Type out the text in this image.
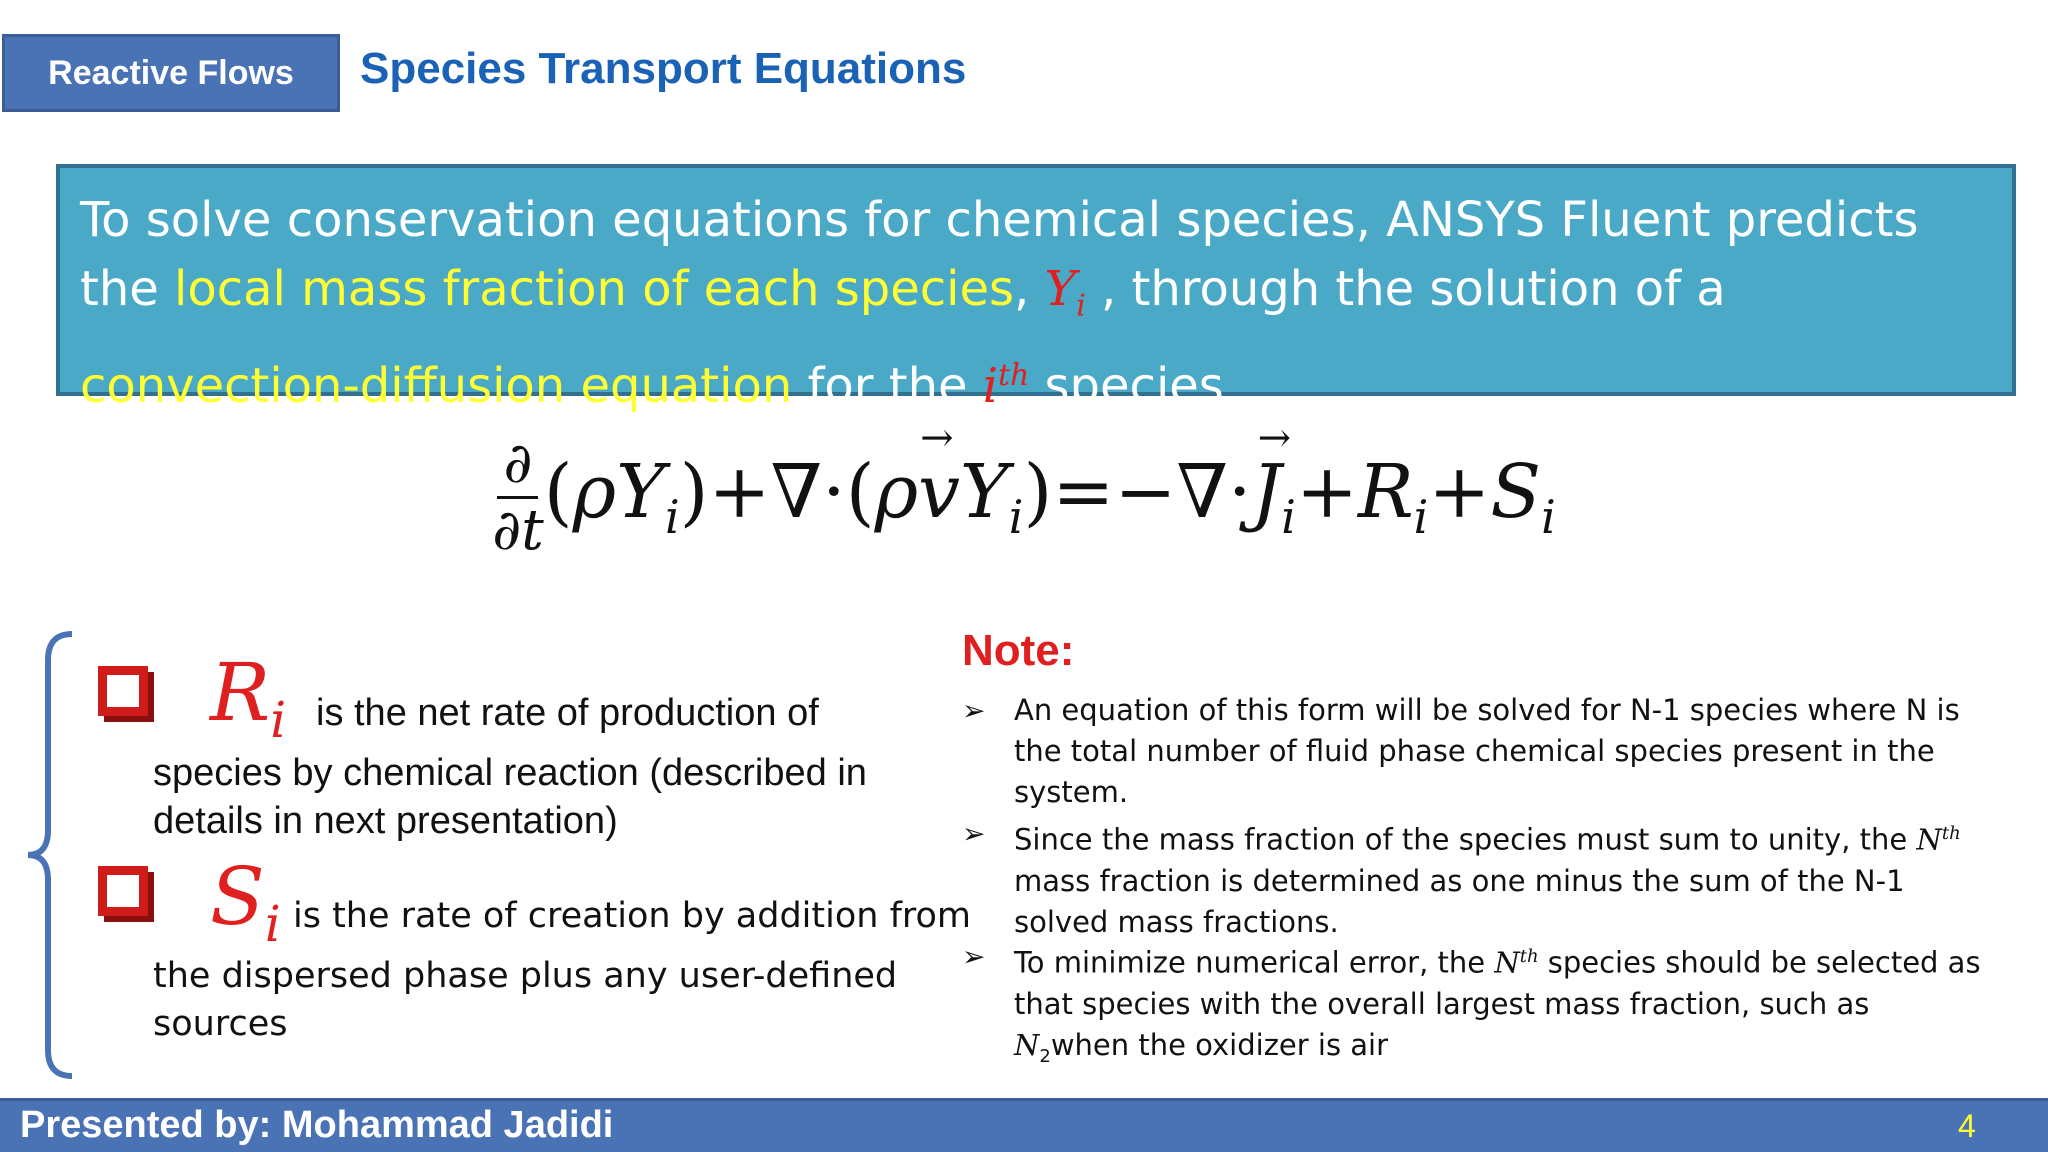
Reactive Flows	Species Transport Equations
To solve conservation equations for chemical species, ANSYS Fluent predicts the local mass fraction of each species, $Y_i$ , through the solution of a convection-diffusion equation for the $i^{th}$ species
$\frac{\partial}{\partial t} (\rho Y_i)+\nabla\cdot(\rho$
→
$vY_i)=-\nabla\cdot$
→
$J_i+R_i+S_i$
$R_i$ is the net rate of production of
species by chemical reaction (described in
details in next presentation)
$S_i$ is the rate of creation by addition from
the dispersed phase plus any user-defined
sources
Note:
➢ An equation of this form will be solved for N-1 species where N is the total number of fluid phase chemical species present in the system.
➢ Since the mass fraction of the species must sum to unity, the $N^{th}$ mass fraction is determined as one minus the sum of the N-1 solved mass fractions.
➢ To minimize numerical error, the $N^{th}$ species should be selected as that species with the overall largest mass fraction, such as $N_2when$ the oxidizer is air
Presented by: Mohammad Jadidi	4
